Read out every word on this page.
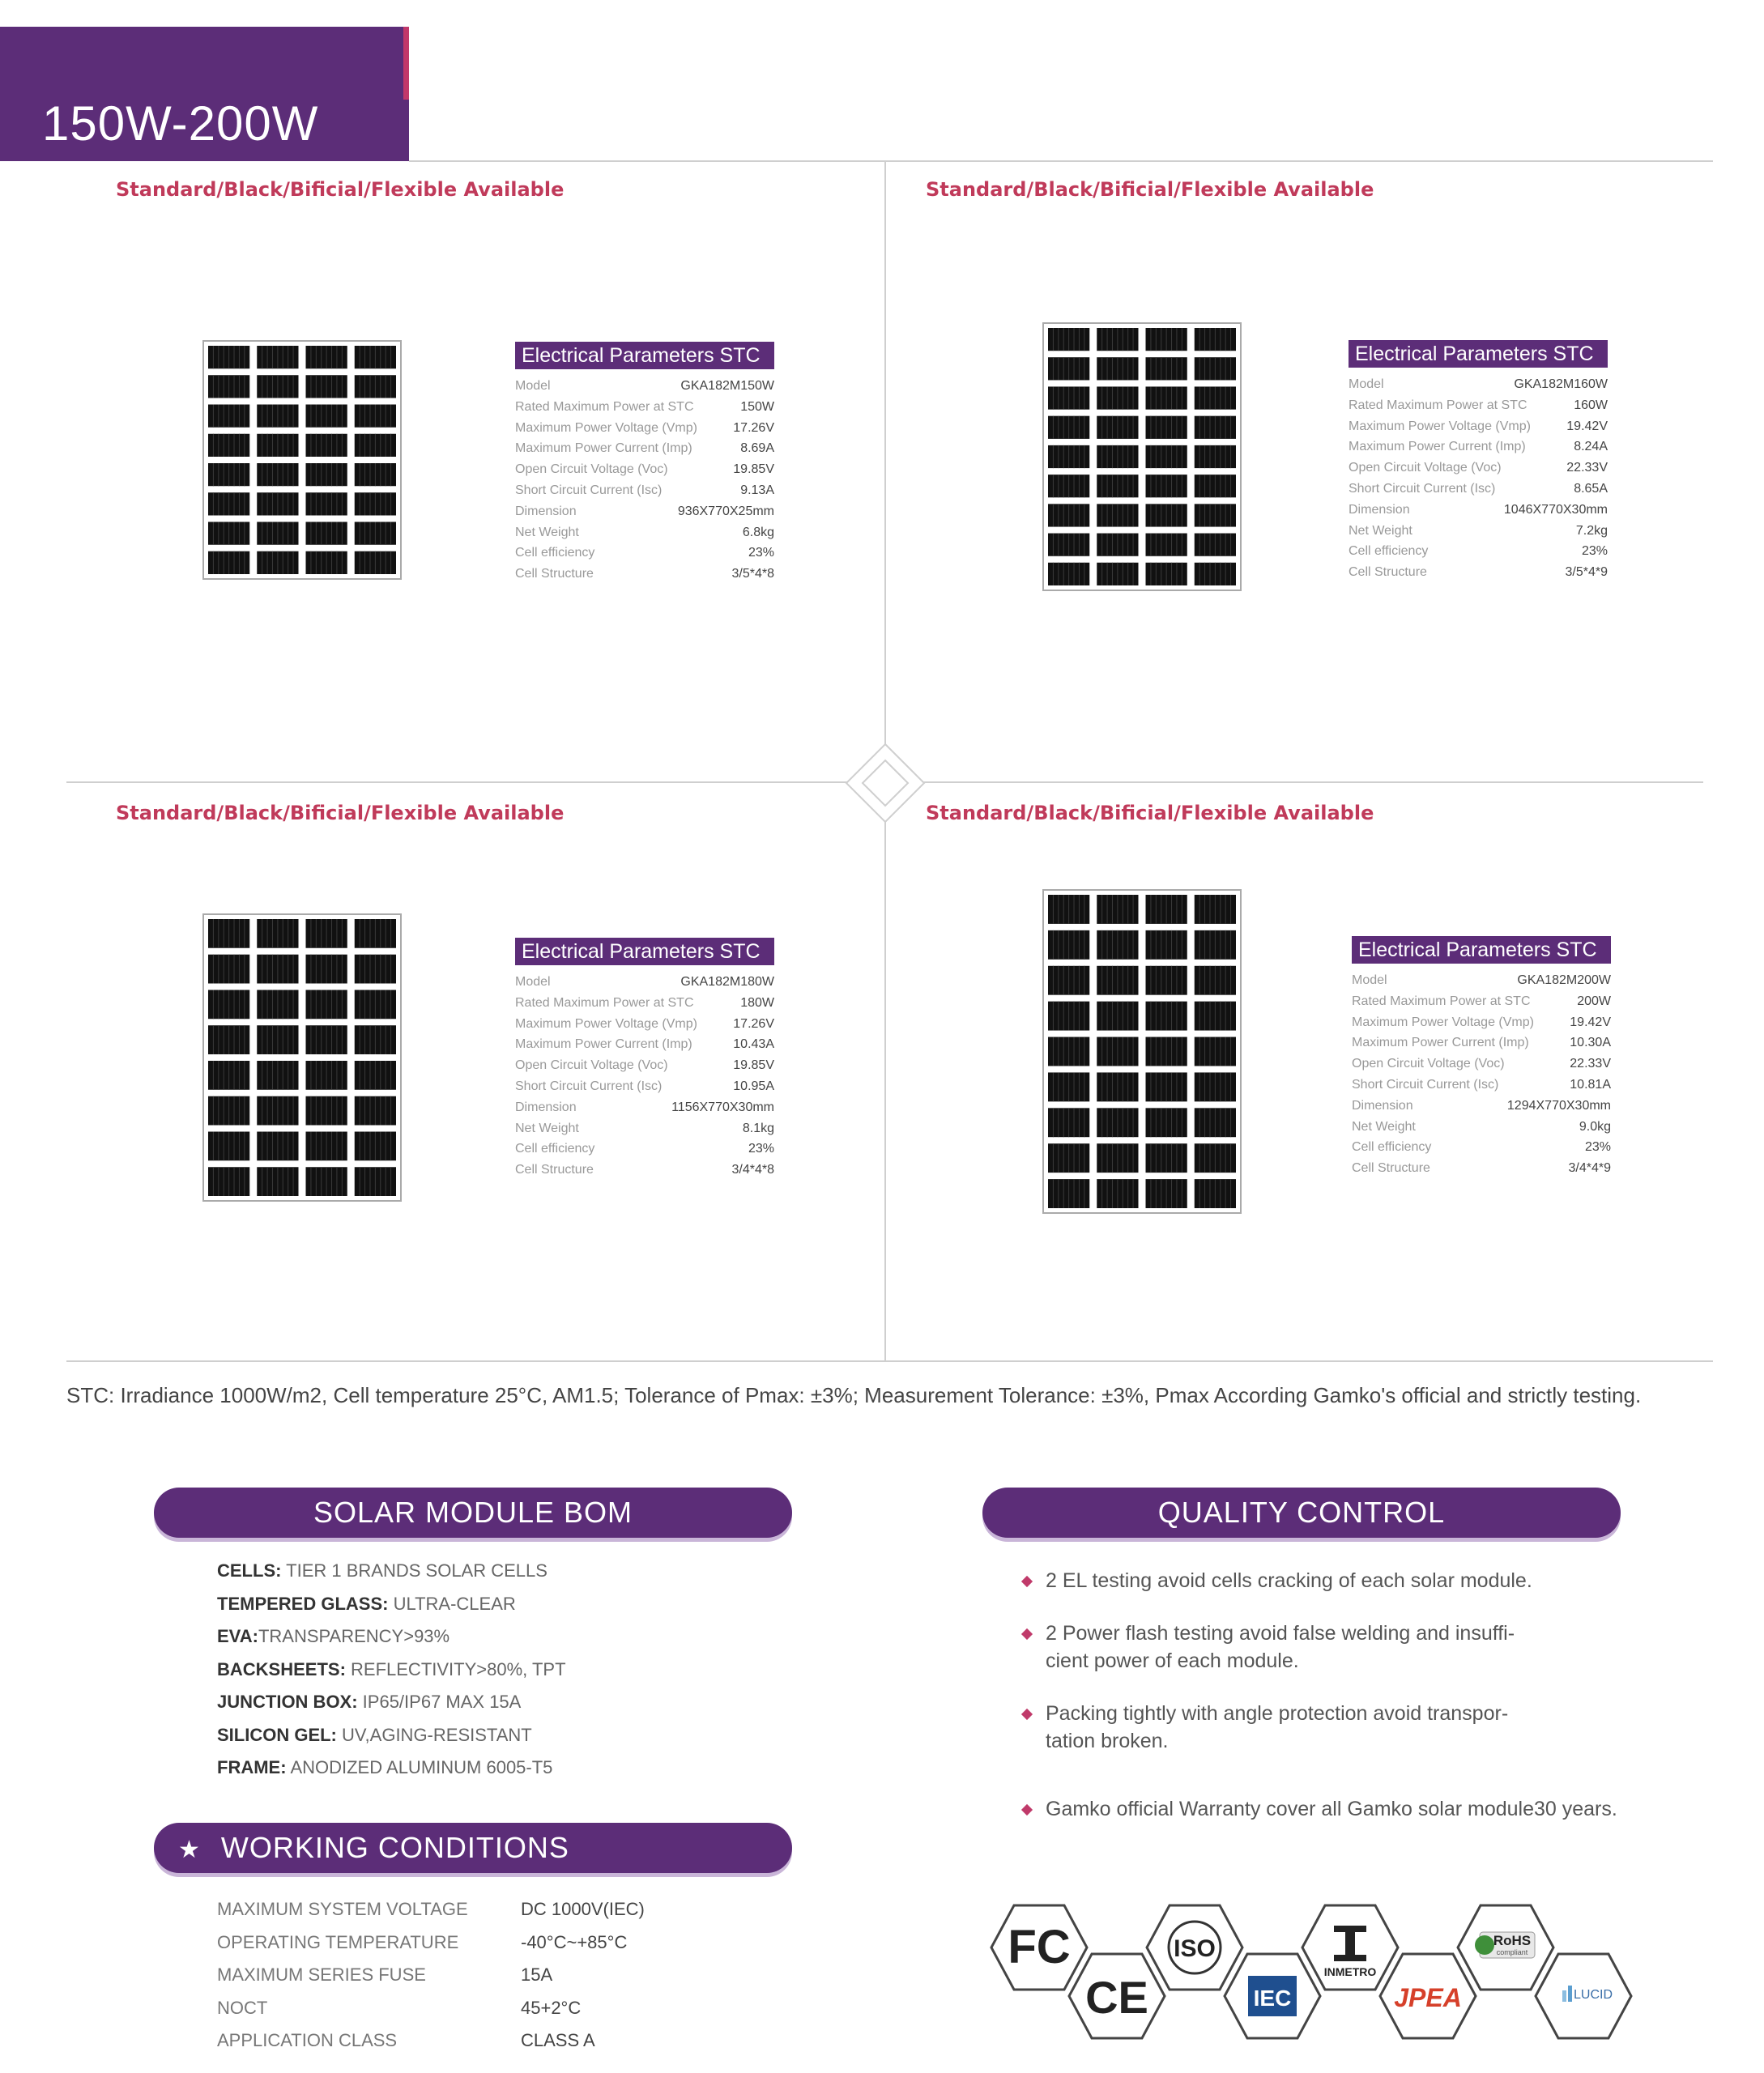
150W-200W
Standard/Black/Bificial/Flexible Available
Electrical Parameters STC
Model	GKA182M150W
Rated Maximum Power at STC	150W
Maximum Power Voltage (Vmp)	17.26V
Maximum Power Current (Imp)	8.69A
Open Circuit Voltage (Voc)	19.85V
Short Circuit Current (Isc)	9.13A
Dimension	936X770X25mm
Net Weight	6.8kg
Cell efficiency	23%
Cell Structure	3/5*4*8
Standard/Black/Bificial/Flexible Available
Electrical Parameters STC
Model	GKA182M160W
Rated Maximum Power at STC	160W
Maximum Power Voltage (Vmp)	19.42V
Maximum Power Current (Imp)	8.24A
Open Circuit Voltage (Voc)	22.33V
Short Circuit Current (Isc)	8.65A
Dimension	1046X770X30mm
Net Weight	7.2kg
Cell efficiency	23%
Cell Structure	3/5*4*9
Standard/Black/Bificial/Flexible Available
Electrical Parameters STC
Model	GKA182M180W
Rated Maximum Power at STC	180W
Maximum Power Voltage (Vmp)	17.26V
Maximum Power Current (Imp)	10.43A
Open Circuit Voltage (Voc)	19.85V
Short Circuit Current (Isc)	10.95A
Dimension	1156X770X30mm
Net Weight	8.1kg
Cell efficiency	23%
Cell Structure	3/4*4*8
Standard/Black/Bificial/Flexible Available
Electrical Parameters STC
Model	GKA182M200W
Rated Maximum Power at STC	200W
Maximum Power Voltage (Vmp)	19.42V
Maximum Power Current (Imp)	10.30A
Open Circuit Voltage (Voc)	22.33V
Short Circuit Current (Isc)	10.81A
Dimension	1294X770X30mm
Net Weight	9.0kg
Cell efficiency	23%
Cell Structure	3/4*4*9
STC: Irradiance 1000W/m2, Cell temperature 25°C, AM1.5; Tolerance of Pmax: ±3%; Measurement Tolerance: ±3%, Pmax According Gamko's official and strictly testing.
SOLAR MODULE BOM
CELLS: TIER 1 BRANDS SOLAR CELLS
TEMPERED GLASS: ULTRA-CLEAR
EVA:TRANSPARENCY>93%
BACKSHEETS: REFLECTIVITY>80%, TPT
JUNCTION BOX: IP65/IP67 MAX 15A
SILICON GEL: UV,AGING-RESISTANT
FRAME: ANODIZED ALUMINUM 6005-T5
★ WORKING CONDITIONS
MAXIMUM SYSTEM VOLTAGE	DC 1000V(IEC)
OPERATING TEMPERATURE	-40°C~+85°C
MAXIMUM SERIES FUSE	15A
NOCT	45+2°C
APPLICATION CLASS	CLASS A
QUALITY CONTROL
2 EL testing avoid cells cracking of each solar module.
2 Power flash testing avoid false welding and insuffi-
cient power of each module.
Packing tightly with angle protection avoid transpor-
tation broken.
Gamko official Warranty cover all Gamko solar module30 years.
FC
CE
ISO
IEC
INMETRO
JPEA
RoHS
compliant
LUCID
